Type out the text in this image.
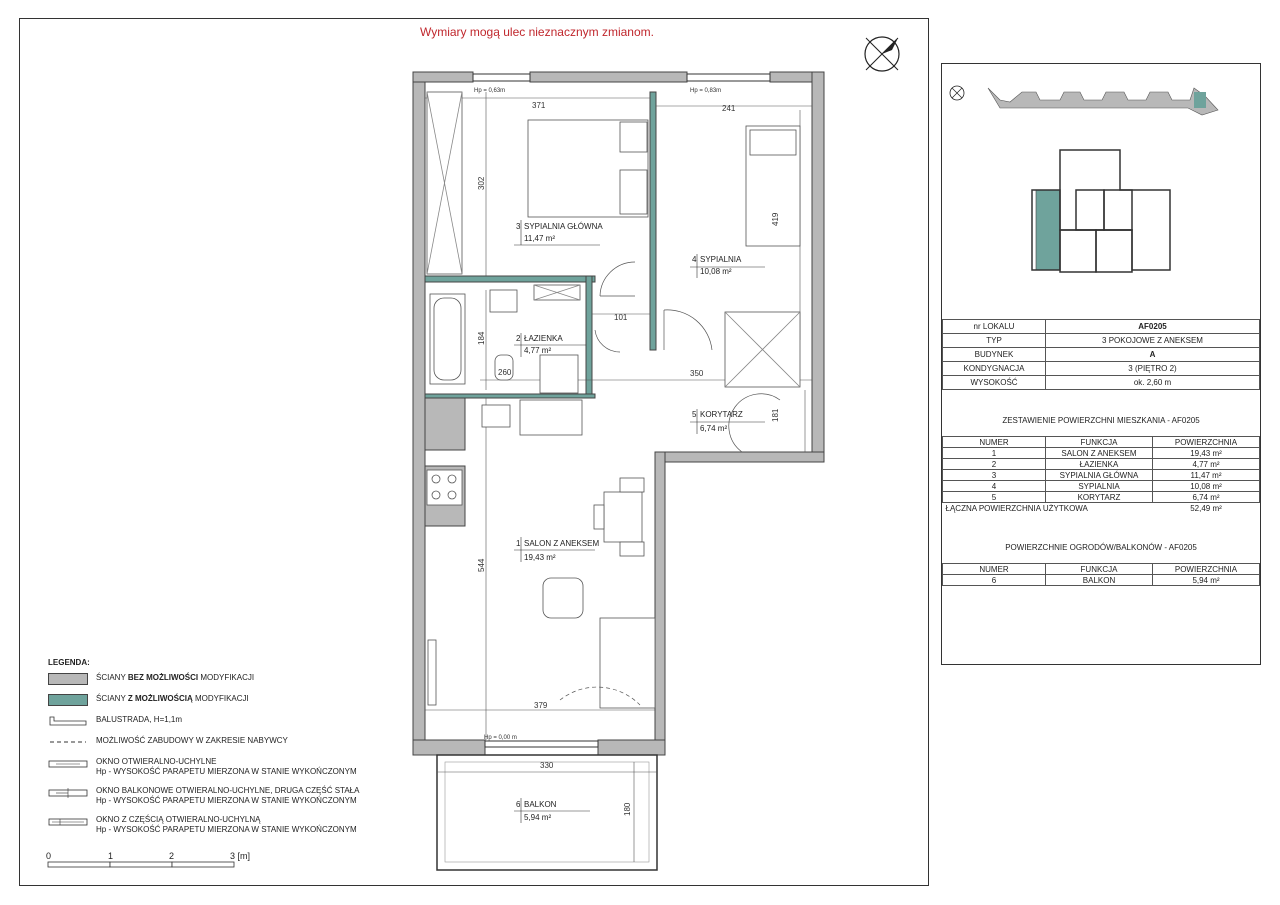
Wymiary mogą ulec nieznacznym zmianom.
371	241
302
419
101
184
260	350
181
544
379
330
180
Hp = 0,63m	Hp = 0,83m
Hp = 0,00 m
3 SYPIALNIA GŁÓWNA
11,47 m²
4 SYPIALNIA
10,08 m²
2 ŁAZIENKA
4,77 m²
5 KORYTARZ
6,74 m²
1 SALON Z ANEKSEM
19,43 m²
6 BALKON
5,94 m²
0	1	2	3 [m]
LEGENDA:
ŚCIANY BEZ MOŻLIWOŚCI MODYFIKACJI
ŚCIANY Z MOŻLIWOŚCIĄ MODYFIKACJI
BALUSTRADA, H=1,1m
MOŻLIWOŚĆ ZABUDOWY W ZAKRESIE NABYWCY
OKNO OTWIERALNO-UCHYLNE
Hp - WYSOKOŚĆ PARAPETU MIERZONA W STANIE WYKOŃCZONYM
OKNO BALKONOWE OTWIERALNO-UCHYLNE, DRUGA CZĘŚĆ STAŁA
Hp - WYSOKOŚĆ PARAPETU MIERZONA W STANIE WYKOŃCZONYM
OKNO Z CZĘŚCIĄ OTWIERALNO-UCHYLNĄ
Hp - WYSOKOŚĆ PARAPETU MIERZONA W STANIE WYKOŃCZONYM
nr LOKALU	AF0205
TYP	3 POKOJOWE Z ANEKSEM
BUDYNEK	A
KONDYGNACJA	3 (PIĘTRO 2)
WYSOKOŚĆ	ok. 2,60 m
ZESTAWIENIE POWIERZCHNI MIESZKANIA - AF0205
NUMER	FUNKCJA	POWIERZCHNIA
1	SALON Z ANEKSEM	19,43 m²
2	ŁAZIENKA	4,77 m²
3	SYPIALNIA GŁÓWNA	11,47 m²
4	SYPIALNIA	10,08 m²
5	KORYTARZ	6,74 m²
ŁĄCZNA POWIERZCHNIA UŻYTKOWA		52,49 m²
POWIERZCHNIE OGRODÓW/BALKONÓW - AF0205
NUMER	FUNKCJA	POWIERZCHNIA
6	BALKON	5,94 m²
